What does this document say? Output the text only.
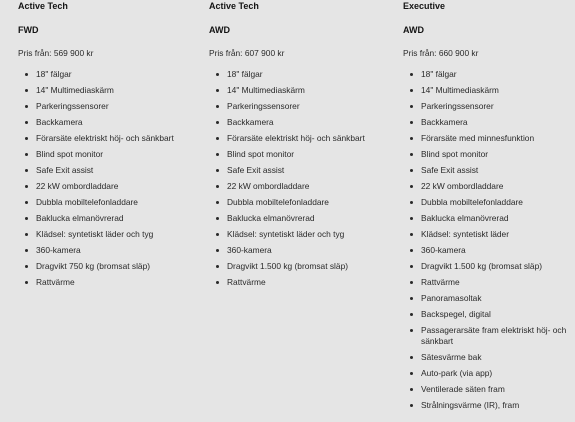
Active Tech
FWD
Pris från: 569 900 kr
18" fälgar
14" Multimediaskärm
Parkeringssensorer
Backkamera
Förarsäte elektriskt höj- och sänkbart
Blind spot monitor
Safe Exit assist
22 kW ombordladdare
Dubbla mobiltelefonladdare
Baklucka elmanövrerad
Klädsel: syntetiskt läder och tyg
360-kamera
Dragvikt 750 kg (bromsat släp)
Rattvärme
Active Tech
AWD
Pris från: 607 900 kr
18" fälgar
14" Multimediaskärm
Parkeringssensorer
Backkamera
Förarsäte elektriskt höj- och sänkbart
Blind spot monitor
Safe Exit assist
22 kW ombordladdare
Dubbla mobiltelefonladdare
Baklucka elmanövrerad
Klädsel: syntetiskt läder och tyg
360-kamera
Dragvikt 1.500 kg (bromsat släp)
Rattvärme
Executive
AWD
Pris från: 660 900 kr
18" fälgar
14" Multimediaskärm
Parkeringssensorer
Backkamera
Förarsäte med minnesfunktion
Blind spot monitor
Safe Exit assist
22 kW ombordladdare
Dubbla mobiltelefonladdare
Baklucka elmanövrerad
Klädsel: syntetiskt läder
360-kamera
Dragvikt 1.500 kg (bromsat släp)
Rattvärme
Panoramasoltak
Backspegel, digital
Passagerarsäte fram elektriskt höj- och sänkbart
Sätesvärme bak
Auto-park (via app)
Ventilerade säten fram
Strålningsvärme (IR), fram
